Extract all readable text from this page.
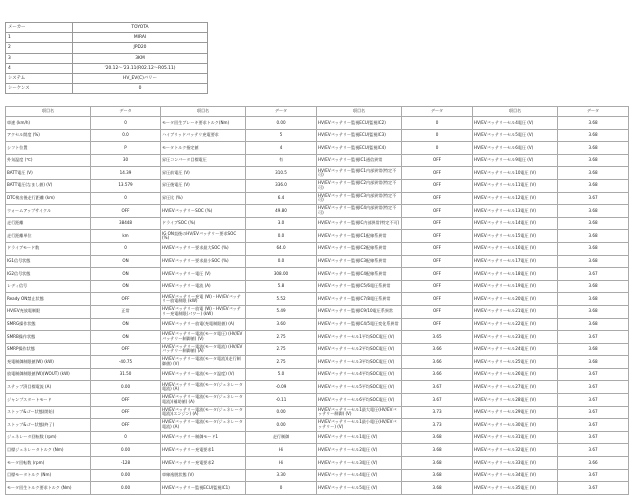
メーカー	TOYOTA
1	MIRAI
2	JPD20
3	3KM
4	'20.12〜'23.11(R02.12〜R05.11)
システム	HV_EV(C)バリー
シーケンス	0
項目名	データ	項目名	データ	項目名	データ	項目名	データ
車速 (km/h)	0	モータ回生ブレーキ要求トルク(Nm)	0.00	HV/EVバッテリー監視ECU(監視IC2)	0	HV/EVバッテリーセル4電圧 (V)	3.68
アクセル開度 (%)	0.0	ハイブリッドバッテリ充電要求	5	HV/EVバッテリー監視ECU(監視IC3)	0	HV/EVバッテリーセル5電圧 (V)	3.68
シフト位置	P	モータトルク指定値	4	HV/EVバッテリー監視ECU(監視IC4)	0	HV/EVバッテリーセル6電圧 (V)	3.68
外気温度 (℃)	30	昇圧コンバータ目標電圧	有	HV/EVバッテリー監視IC1通信異常	OFF	HV/EVバッテリーセル9電圧 (V)	3.68
BATT電圧 (V)	14.39	昇圧前電圧 (V)	310.5	HV/EVバッテリー監視IC1内部異常(特定不可)	OFF	HV/EVバッテリーセル10電圧 (V)	3.68
BATT電圧(なまし値) (V)	13.579	昇圧後電圧 (V)	336.0	HV/EVバッテリー監視IC2内部異常(特定不可)	OFF	HV/EVバッテリーセル11電圧 (V)	3.68
DTC検出後走行距離 (km)	0	昇圧比 (%)	6.4	HV/EVバッテリー監視IC3内部異常(特定不可)	OFF	HV/EVバッテリーセル12電圧 (V)	3.67
ウォームアップサイクル	OFF	HV/EVバッテリーSOC (%)	49.80	HV/EVバッテリー監視IC4内部異常(特定不可)	OFF	HV/EVバッテリーセル13電圧 (V)	3.68
走行距離	38448	ドライブSOC (%)	3.0	HV/EVバッテリー監視IC内部異常(特定不可)	OFF	HV/EVバッテリーセル14電圧 (V)	3.68
走行距離単位	km	IG ON直後のHV/EVバッテリー要求SOC (%)	0.0	HV/EVバッテリー監視IC1配線系異常	OFF	HV/EVバッテリーセル15電圧 (V)	3.68
ドライブモード数	0	HV/EVバッテリー要求最大SOC (%)	64.0	HV/EVバッテリー監視IC2配線系異常	OFF	HV/EVバッテリーセル16電圧 (V)	3.68
IG1信号状態	ON	HV/EVバッテリー要求最小SOC (%)	0.0	HV/EVバッテリー監視IC3配線系異常	OFF	HV/EVバッテリーセル17電圧 (V)	3.68
IG2信号状態	ON	HV/EVバッテリー電圧 (V)	308.00	HV/EVバッテリー監視IC4配線系異常	OFF	HV/EVバッテリーセル18電圧 (V)	3.67
レディ信号	ON	HV/EVバッテリー電流 (A)	5.8	HV/EVバッテリー監視IC5/6電圧系異常	OFF	HV/EVバッテリーセル19電圧 (V)	3.68
Ready ON禁止状態	OFF	HV/EVバッテリー充電 (W)・HV/EVバッテリー放電制限 (kW)	5.52	HV/EVバッテリー監視IC7/8電圧系異常	OFF	HV/EVバッテリーセル20電圧 (V)	3.68
HV/EV充放電制限	正常	HV/EVバッテリー放電 (W)・HV/EVバッテリー充電制限(パワー) (kW)	5.49	HV/EVバッテリー監視IC9/10電圧系異常	OFF	HV/EVバッテリーセル21電圧 (V)	3.68
SMRG操作状態	ON	HV/EVバッテリー放電(充電制限値) (A)	3.60	HV/EVバッテリー監視IC4/5電圧変化系異常	OFF	HV/EVバッテリーセル22電圧 (V)	3.68
SMRB操作状態	ON	HV/EVバッテリー電流(モータ電圧) (HV/EVバッテリー制御値) (V)	2.75	HV/EVバッテリーセル1平均SOC電圧 (V)	3.65	HV/EVバッテリーセル23電圧 (V)	3.67
SMRP操作状態	OFF	HV/EVバッテリー電流(モータ電流) (HV/EVバッテリー制御値) (A)	2.75	HV/EVバッテリーセル2平均SOC電圧 (V)	3.66	HV/EVバッテリーセル24電圧 (V)	3.68
充電制御制限値(W) (kW)	-40.75	HV/EVバッテリー電流(モータ電流)(走行制御値) (V)	2.75	HV/EVバッテリーセル3平均SOC電圧 (V)	3.66	HV/EVバッテリーセル25電圧 (V)	3.68
放電制御制限値(W)(WOUT) (kW)	31.50	HV/EVバッテリー電流(モータ温度) (V)	5.0	HV/EVバッテリーセル4平均SOC電圧 (V)	3.66	HV/EVバッテリーセル26電圧 (V)	3.67
ステップ済目標電流 (A)	0.00	HV/EVバッテリー電流(モータ/ジェネレータ電流) (A)	-0.09	HV/EVバッテリーセル5平均SOC電圧 (V)	3.67	HV/EVバッテリーセル27電圧 (V)	3.67
ジャンプスタートモード	OFF	HV/EVバッテリー電流(モータ/ジェネレータ電流)(補助値) (A)	-0.11	HV/EVバッテリーセル6平均SOC電圧 (V)	3.67	HV/EVバッテリーセル28電圧 (V)	3.67
ストップ&ゴー状態(開始)	OFF	HV/EVバッテリー電流(モータ/ジェネレータ電流)(エンジン) (A)	0.00	HV/EVバッテリーセル1最大電圧(HV/EVバッテリー制御) (V)	3.73	HV/EVバッテリーセル29電圧 (V)	3.67
ストップ&ゴー状態(終了)	OFF	HV/EVバッテリー電流(モータ/ジェネレータ電流) (A)	0.00	HV/EVバッテリーセル1最小電圧(HV/EVバッテリー) (V)	3.73	HV/EVバッテリーセル30電圧 (V)	3.67
ジェネレータ回転数 (rpm)	0	HV/EVバッテリー制御モード1	走行制御	HV/EVバッテリーセル1電圧 (V)	3.68	HV/EVバッテリーセル31電圧 (V)	3.67
目標ジェネレータトルク (Nm)	0.00	HV/EVバッテリー充電要求1	Hi	HV/EVバッテリーセル2電圧 (V)	3.68	HV/EVバッテリーセル32電圧 (V)	3.67
モータ回転数 (rpm)	-128	HV/EVバッテリー充電要求2	Hi	HV/EVバッテリーセル3電圧 (V)	3.68	HV/EVバッテリーセル33電圧 (V)	3.66
目標モータトルク (Nm)	0.00	車線逸脱状態 (V)	3.30	HV/EVバッテリーセル4電圧 (V)	3.68	HV/EVバッテリーセル34電圧 (V)	3.67
モータ回生トルク要求トルク (Nm)	0.00	HV/EVバッテリー監視ECU(監視IC1)	0	HV/EVバッテリーセル5電圧 (V)	3.68	HV/EVバッテリーセル35電圧 (V)	3.67
